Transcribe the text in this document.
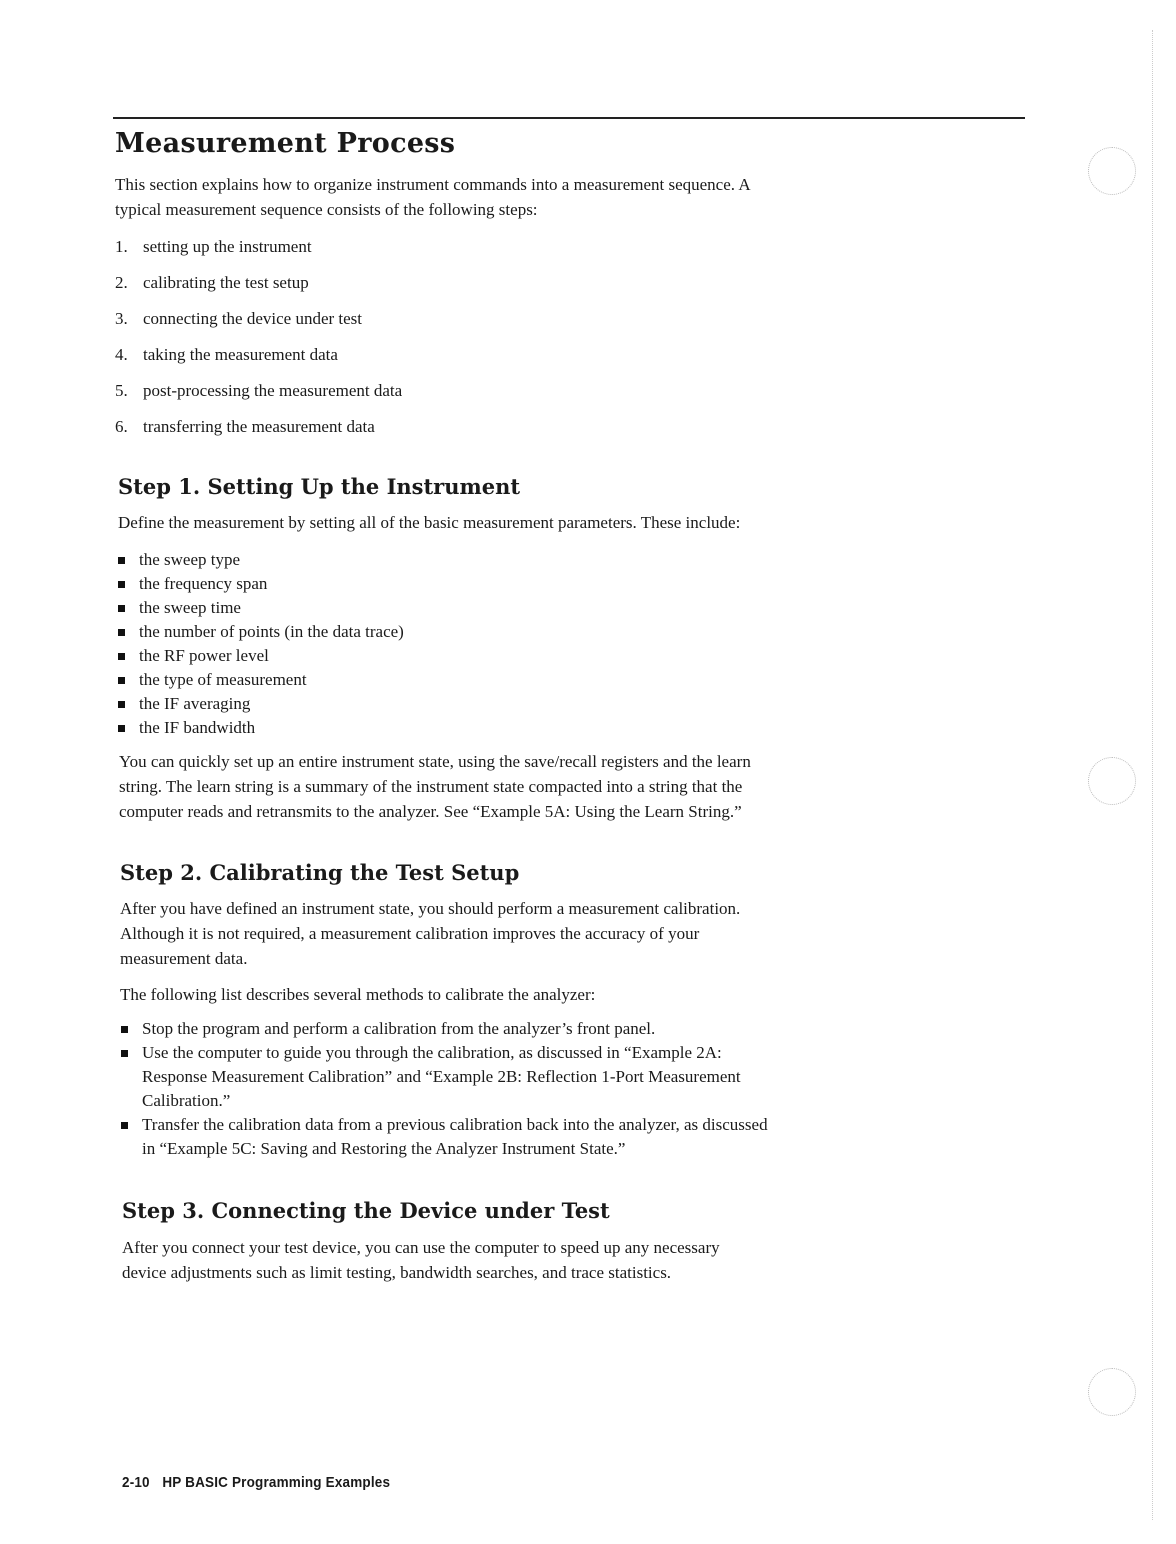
Measurement Process

This section explains how to organize instrument commands into a measurement sequence. A
typical measurement sequence consists of the following steps:

1. setting up the instrument
2. calibrating the test setup
3. connecting the device under test
4. taking the measurement data
5. post-processing the measurement data
6. transferring the measurement data
Step 1. Setting Up the Instrument

Define the measurement by setting all of the basic measurement parameters. These include:

the sweep type
the frequency span
the sweep time
the number of points (in the data trace)
the RF power level
the type of measurement
the IF averaging
the IF bandwidth

You can quickly set up an entire instrument state, using the save/recall registers and the learn
string. The learn string is a summary of the instrument state compacted into a string that the
computer reads and retransmits to the analyzer. See “Example 5A: Using the Learn String.”

Step 2. Calibrating the Test Setup

After you have defined an instrument state, you should perform a measurement calibration.
Although it is not required, a measurement calibration improves the accuracy of your
measurement data.

The following list describes several methods to calibrate the analyzer:

Stop the program and perform a calibration from the analyzer’s front panel.
Use the computer to guide you through the calibration, as discussed in “Example 2A:
Response Measurement Calibration” and “Example 2B: Reflection 1-Port Measurement
Calibration.”
Transfer the calibration data from a previous calibration back into the analyzer, as discussed
in “Example 5C: Saving and Restoring the Analyzer Instrument State.”
Step 3. Connecting the Device under Test

After you connect your test device, you can use the computer to speed up any necessary
device adjustments such as limit testing, bandwidth searches, and trace statistics.

2-10 HP BASIC Programming Examples
